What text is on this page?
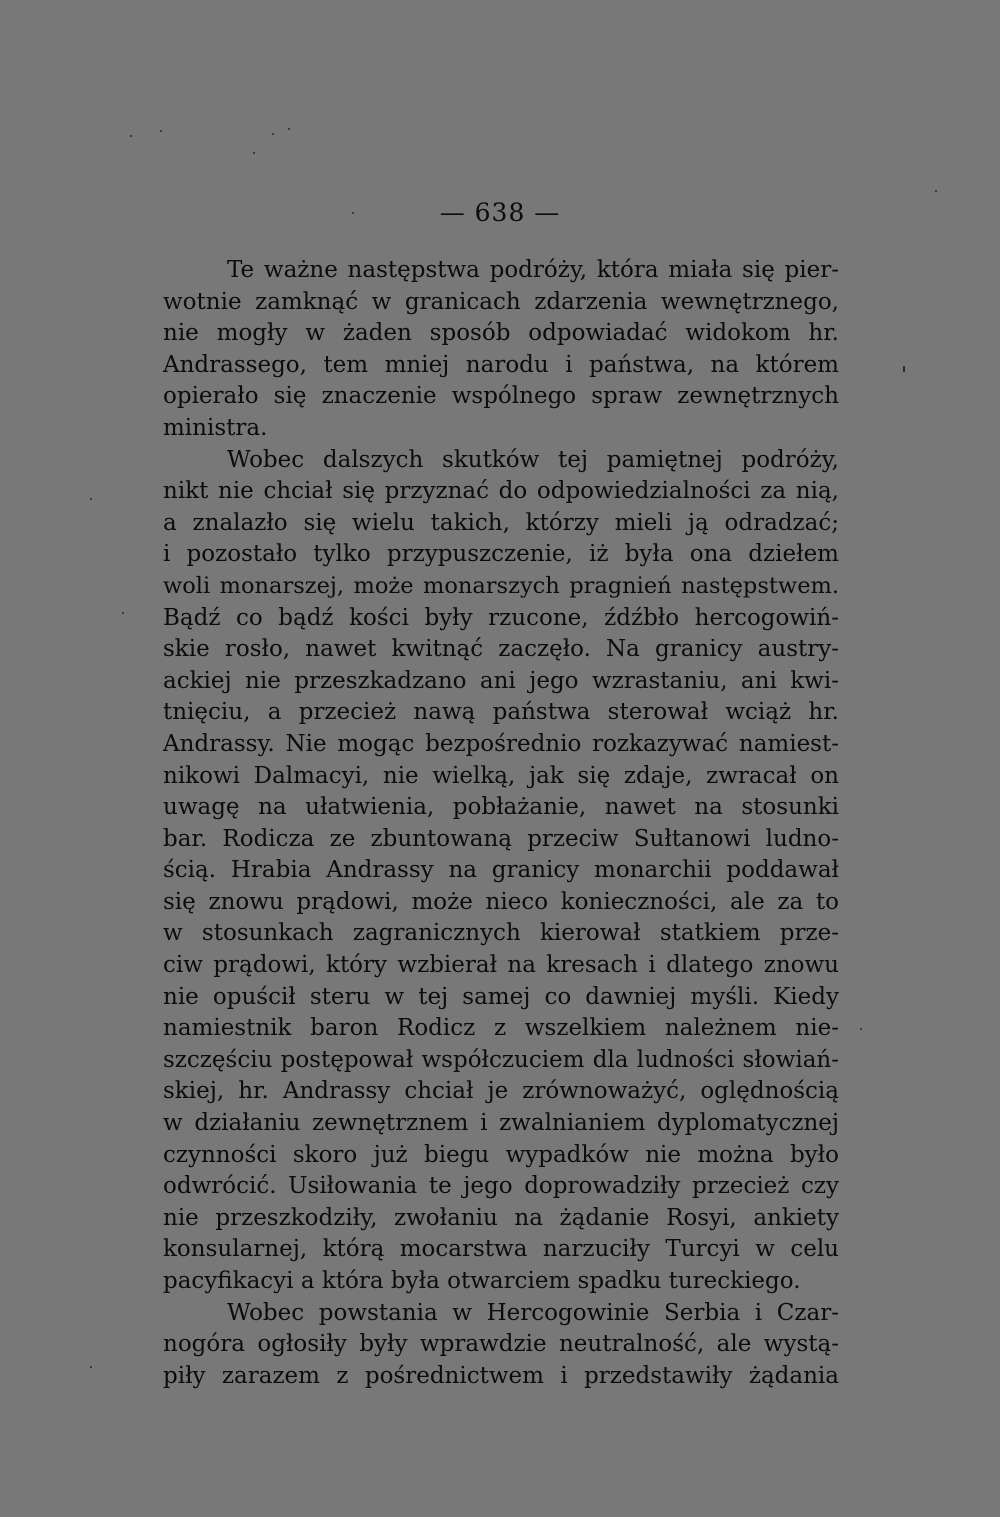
— 638 —
Te ważne następstwa podróży, która miała się pier-
wotnie zamknąć w granicach zdarzenia wewnętrznego,
nie mogły w żaden sposób odpowiadać widokom hr.
Andrassego, tem mniej narodu i państwa, na którem
opierało się znaczenie wspólnego spraw zewnętrznych
ministra.
Wobec dalszych skutków tej pamiętnej podróży,
nikt nie chciał się przyznać do odpowiedzialności za nią,
a znalazło się wielu takich, którzy mieli ją odradzać;
i pozostało tylko przypuszczenie, iż była ona dziełem
woli monarszej, może monarszych pragnień następstwem.
Bądź co bądź kości były rzucone, źdźbło hercogowiń-
skie rosło, nawet kwitnąć zaczęło. Na granicy austry-
ackiej nie przeszkadzano ani jego wzrastaniu, ani kwi-
tnięciu, a przecież nawą państwa sterował wciąż hr.
Andrassy. Nie mogąc bezpośrednio rozkazywać namiest-
nikowi Dalmacyi, nie wielką, jak się zdaje, zwracał on
uwagę na ułatwienia, pobłażanie, nawet na stosunki
bar. Rodicza ze zbuntowaną przeciw Sułtanowi ludno-
ścią. Hrabia Andrassy na granicy monarchii poddawał
się znowu prądowi, może nieco konieczności, ale za to
w stosunkach zagranicznych kierował statkiem prze-
ciw prądowi, który wzbierał na kresach i dlatego znowu
nie opuścił steru w tej samej co dawniej myśli. Kiedy
namiestnik baron Rodicz z wszelkiem należnem nie-
szczęściu postępował współczuciem dla ludności słowiań-
skiej, hr. Andrassy chciał je zrównoważyć, oględnością
w działaniu zewnętrznem i zwalnianiem dyplomatycznej
czynności skoro już biegu wypadków nie można było
odwrócić. Usiłowania te jego doprowadziły przecież czy
nie przeszkodziły, zwołaniu na żądanie Rosyi, ankiety
konsularnej, którą mocarstwa narzuciły Turcyi w celu
pacyfikacyi a która była otwarciem spadku tureckiego.
Wobec powstania w Hercogowinie Serbia i Czar-
nogóra ogłosiły były wprawdzie neutralność, ale wystą-
piły zarazem z pośrednictwem i przedstawiły żądania
